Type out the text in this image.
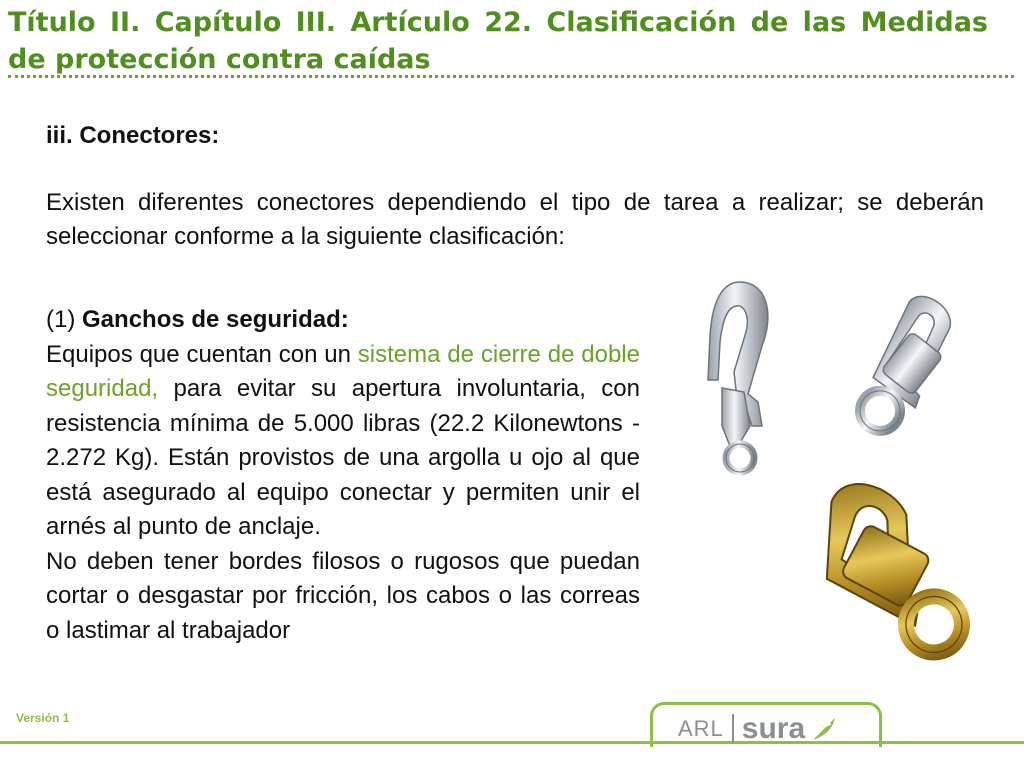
Título II. Capítulo III. Artículo 22. Clasificación de las Medidas de protección contra caídas
iii. Conectores:

Existen diferentes conectores dependiendo el tipo de tarea a realizar; se deberán seleccionar conforme a la siguiente clasificación:

(1) Ganchos de seguridad:
Equipos que cuentan con un sistema de cierre de doble seguridad, para evitar su apertura involuntaria, con resistencia mínima de 5.000 libras (22.2 Kilonewtons - 2.272 Kg). Están provistos de una argolla u ojo al que está asegurado al equipo conectar y permiten unir el arnés al punto de anclaje.

No deben tener bordes filosos o rugosos que puedan cortar o desgastar por fricción, los cabos o las correas o lastimar al trabajador

Versión 1	ARL sura
